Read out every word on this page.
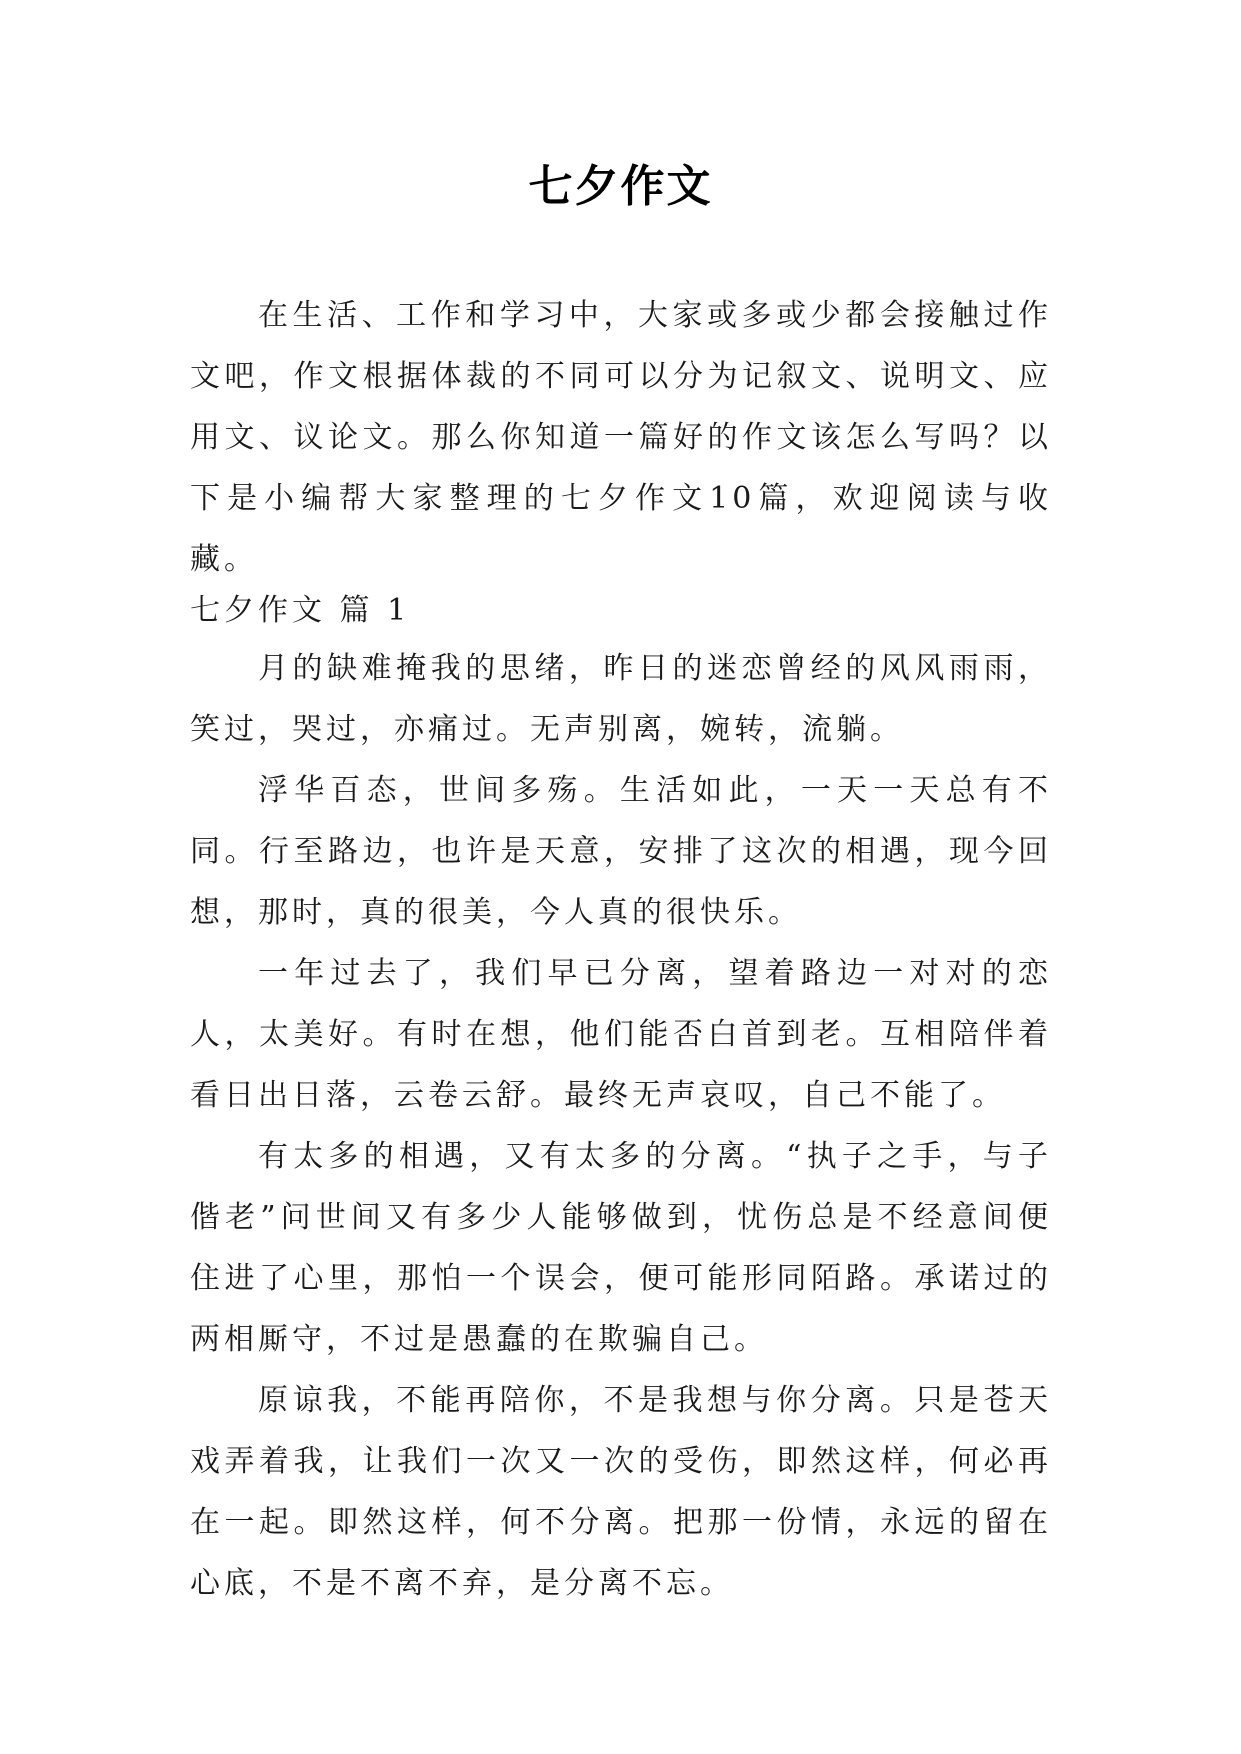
七夕作文

在生活、工作和学习中，大家或多或少都会接触过作文吧，作文根据体裁的不同可以分为记叙文、说明文、应用文、议论文。那么你知道一篇好的作文该怎么写吗？以下是小编帮大家整理的七夕作文10篇，欢迎阅读与收藏。

七夕作文 篇 1

月的缺难掩我的思绪，昨日的迷恋曾经的风风雨雨，笑过，哭过，亦痛过。无声别离，婉转，流躺。

浮华百态，世间多殇。生活如此，一天一天总有不同。行至路边，也许是天意，安排了这次的相遇，现今回想，那时，真的很美，今人真的很快乐。

一年过去了，我们早已分离，望着路边一对对的恋人，太美好。有时在想，他们能否白首到老。互相陪伴着看日出日落，云卷云舒。最终无声哀叹，自己不能了。

有太多的相遇，又有太多的分离。“执子之手，与子偕老”问世间又有多少人能够做到，忧伤总是不经意间便住进了心里，那怕一个误会，便可能形同陌路。承诺过的两相厮守，不过是愚蠢的在欺骗自己。

原谅我，不能再陪你，不是我想与你分离。只是苍天戏弄着我，让我们一次又一次的受伤，即然这样，何必再在一起。即然这样，何不分离。把那一份情，永远的留在心底，不是不离不弃，是分离不忘。
